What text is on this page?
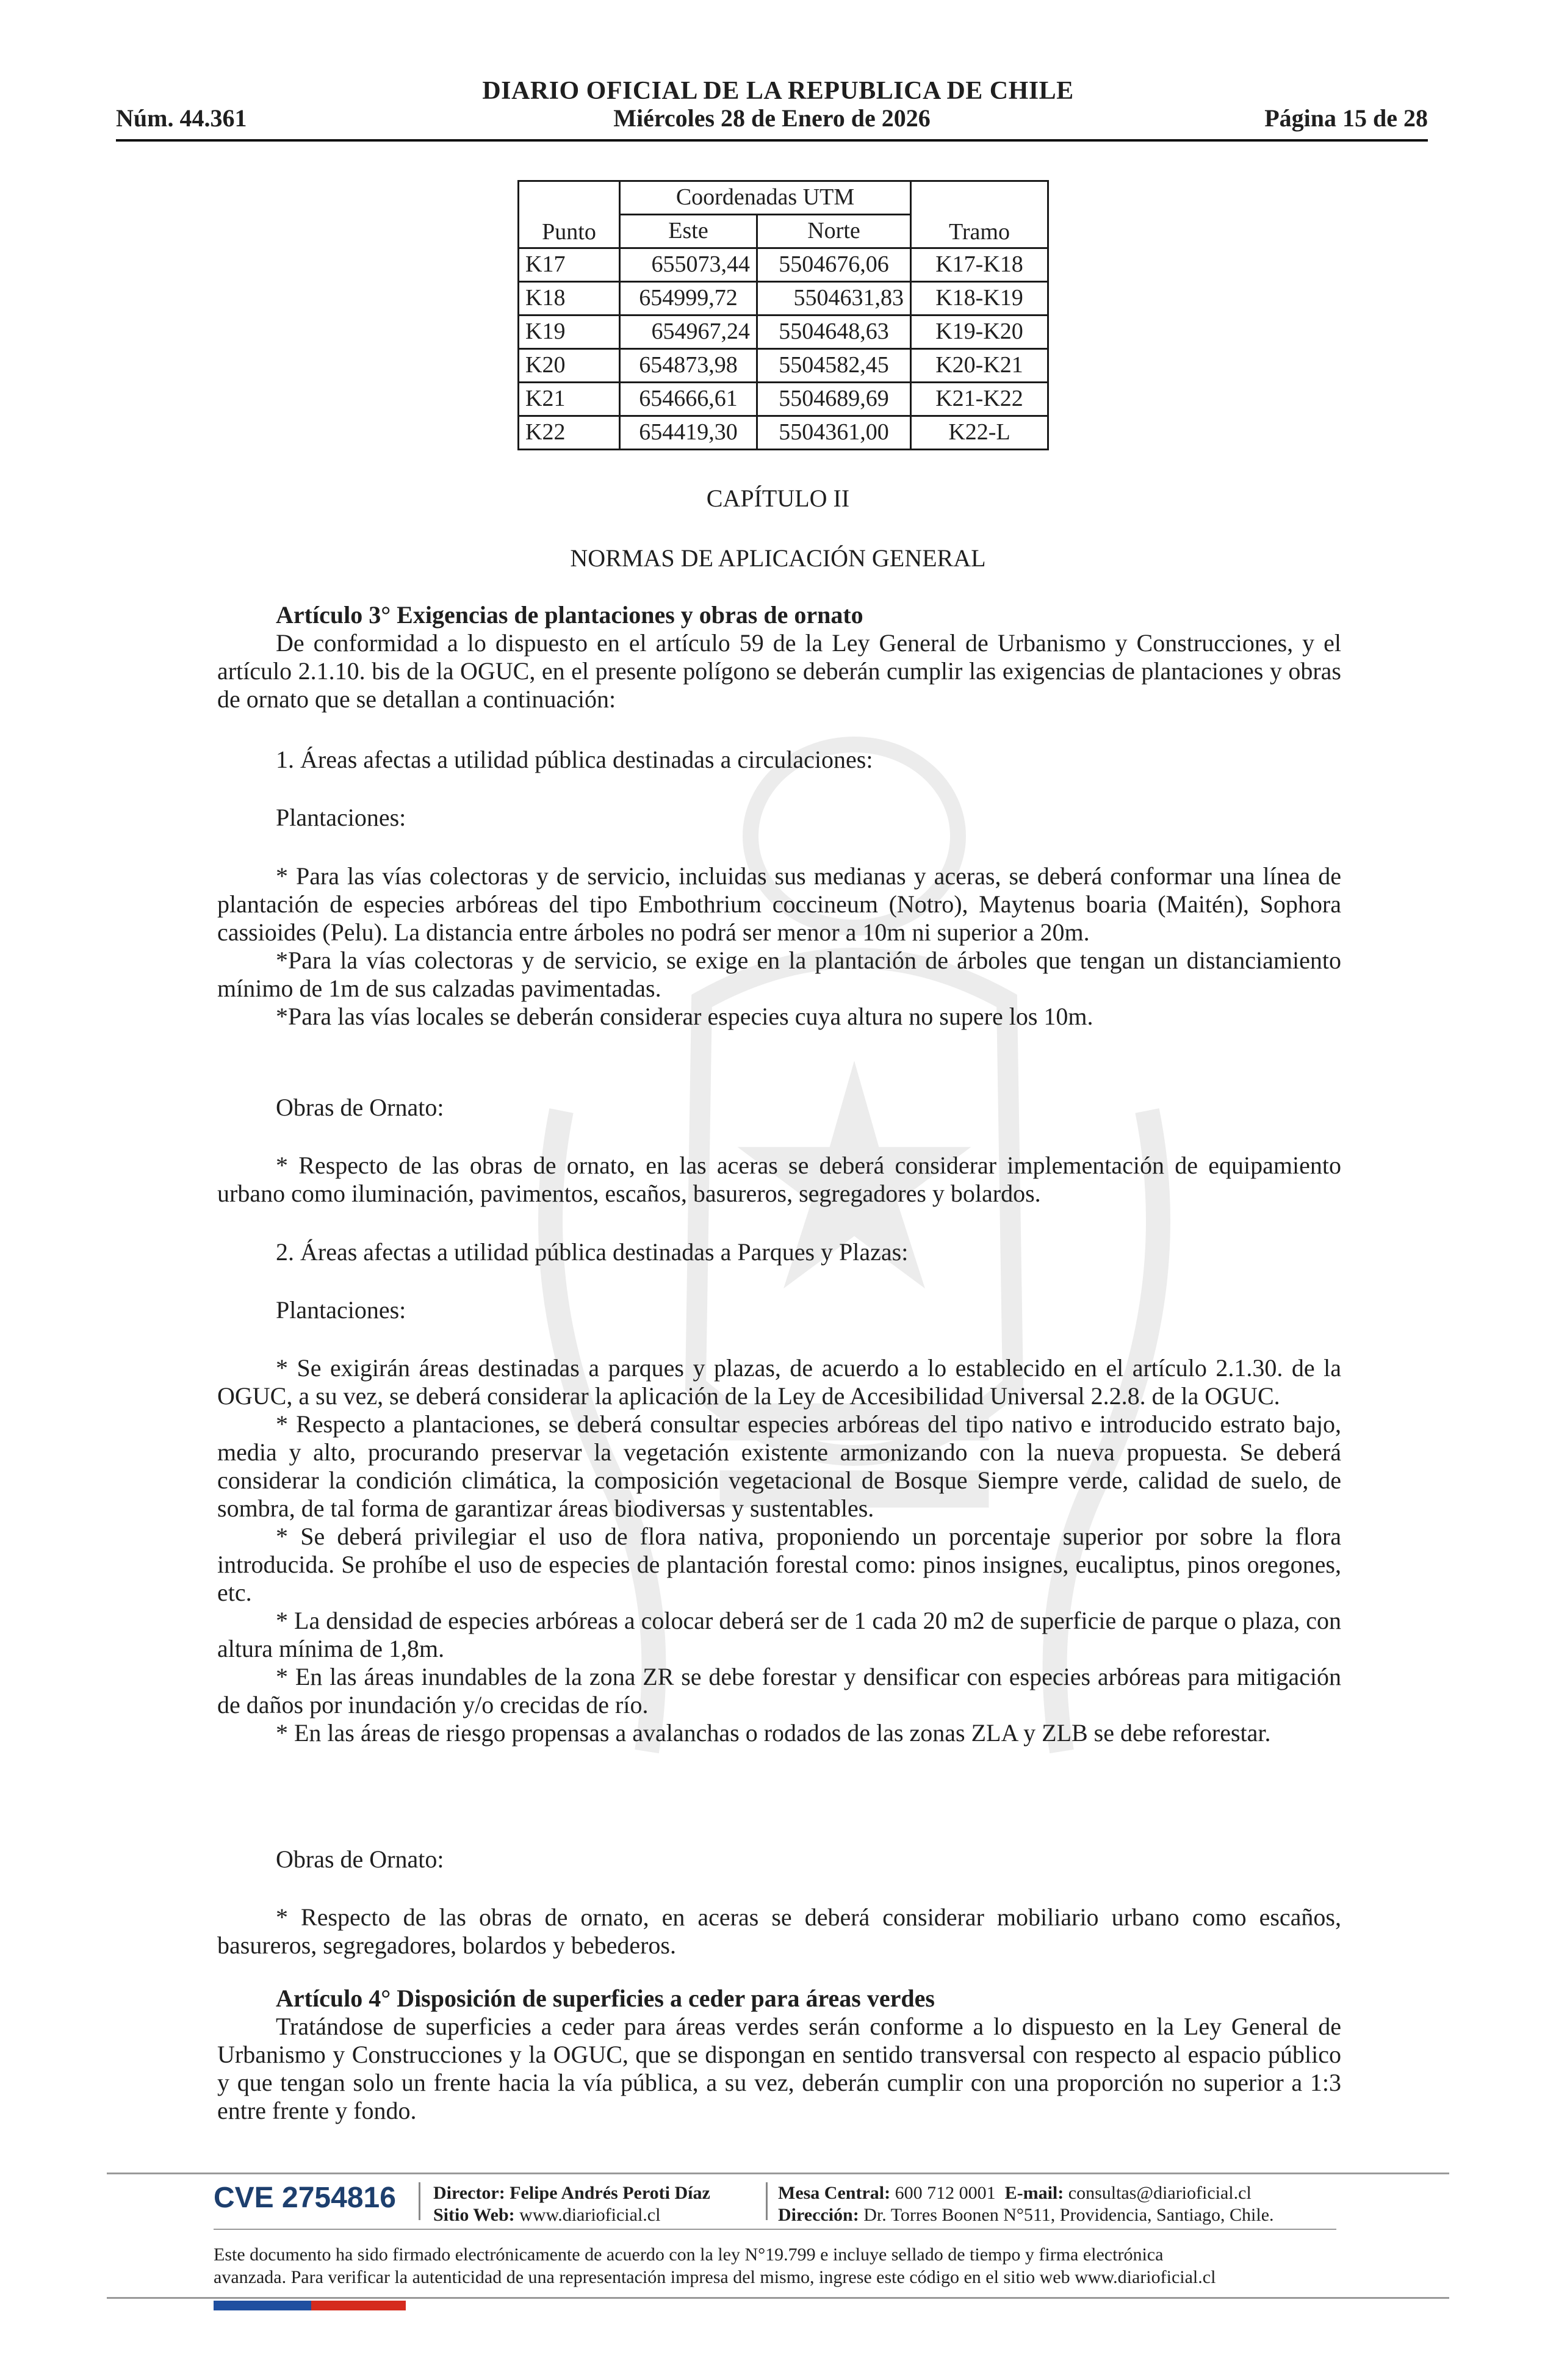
DIARIO OFICIAL DE LA REPUBLICA DE CHILE
Miércoles 28 de Enero de 2026
Núm. 44.361	Página 15 de 28
Punto	Coordenadas UTM		Tramo
	Este	Norte	
K17	655073,44	5504676,06	K17-K18
K18	654999,72	5504631,83	K18-K19
K19	654967,24	5504648,63	K19-K20
K20	654873,98	5504582,45	K20-K21
K21	654666,61	5504689,69	K21-K22
K22	654419,30	5504361,00	K22-L
CAPÍTULO II
NORMAS DE APLICACIÓN GENERAL

Artículo 3° Exigencias de plantaciones y obras de ornato

De conformidad a lo dispuesto en el artículo 59 de la Ley General de Urbanismo y Construcciones, y el artículo 2.1.10. bis de la OGUC, en el presente polígono se deberán cumplir las exigencias de plantaciones y obras de ornato que se detallan a continuación:

1. Áreas afectas a utilidad pública destinadas a circulaciones:

Plantaciones:

* Para las vías colectoras y de servicio, incluidas sus medianas y aceras, se deberá conformar una línea de plantación de especies arbóreas del tipo Embothrium coccineum (Notro), Maytenus boaria (Maitén), Sophora cassioides (Pelu). La distancia entre árboles no podrá ser menor a 10m ni superior a 20m.

*Para la vías colectoras y de servicio, se exige en la plantación de árboles que tengan un distanciamiento mínimo de 1m de sus calzadas pavimentadas.

*Para las vías locales se deberán considerar especies cuya altura no supere los 10m.

Obras de Ornato:

* Respecto de las obras de ornato, en las aceras se deberá considerar implementación de equipamiento urbano como iluminación, pavimentos, escaños, basureros, segregadores y bolardos.

2. Áreas afectas a utilidad pública destinadas a Parques y Plazas:

Plantaciones:

* Se exigirán áreas destinadas a parques y plazas, de acuerdo a lo establecido en el artículo 2.1.30. de la OGUC, a su vez, se deberá considerar la aplicación de la Ley de Accesibilidad Universal 2.2.8. de la OGUC.

* Respecto a plantaciones, se deberá consultar especies arbóreas del tipo nativo e introducido estrato bajo, media y alto, procurando preservar la vegetación existente armonizando con la nueva propuesta. Se deberá considerar la condición climática, la composición vegetacional de Bosque Siempre verde, calidad de suelo, de sombra, de tal forma de garantizar áreas biodiversas y sustentables.

* Se deberá privilegiar el uso de flora nativa, proponiendo un porcentaje superior por sobre la flora introducida. Se prohíbe el uso de especies de plantación forestal como: pinos insignes, eucaliptus, pinos oregones, etc.

* La densidad de especies arbóreas a colocar deberá ser de 1 cada 20 m2 de superficie de parque o plaza, con altura mínima de 1,8m.

* En las áreas inundables de la zona ZR se debe forestar y densificar con especies arbóreas para mitigación de daños por inundación y/o crecidas de río.

* En las áreas de riesgo propensas a avalanchas o rodados de las zonas ZLA y ZLB se debe reforestar.

Obras de Ornato:

* Respecto de las obras de ornato, en aceras se deberá considerar mobiliario urbano como escaños, basureros, segregadores, bolardos y bebederos.

Artículo 4° Disposición de superficies a ceder para áreas verdes

Tratándose de superficies a ceder para áreas verdes serán conforme a lo dispuesto en la Ley General de Urbanismo y Construcciones y la OGUC, que se dispongan en sentido transversal con respecto al espacio público y que tengan solo un frente hacia la vía pública, a su vez, deberán cumplir con una proporción no superior a 1:3 entre frente y fondo.

CVE 2754816 Director: Felipe Andrés Peroti Díaz
Sitio Web: www.diarioficial.cl
Mesa Central: 600 712 0001 E-mail: consultas@diarioficial.cl
Dirección: Dr. Torres Boonen N°511, Providencia, Santiago, Chile.
Este documento ha sido firmado electrónicamente de acuerdo con la ley N°19.799 e incluye sellado de tiempo y firma electrónica
avanzada. Para verificar la autenticidad de una representación impresa del mismo, ingrese este código en el sitio web www.diarioficial.cl
